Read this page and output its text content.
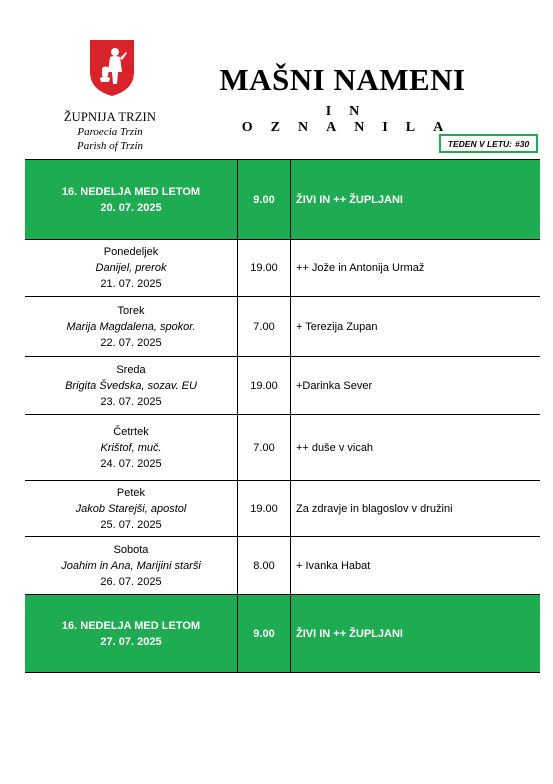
ŽUPNIJA TRZIN
Paroecia Trzin
Parish of Trzin
MAŠNI NAMENI
IN OZNANILA
TEDEN V LETU: #30
16. NEDELJA MED LETOM
20. 07. 2025	9.00	ŽIVI IN ++ ŽUPLJANI

Ponedeljek
Danijel, prerok
21. 07. 2025	19.00	++ Jože in Antonija Urmaž

Torek
Marija Magdalena, spokor.
22. 07. 2025	7.00	+ Terezija Zupan

Sreda
Brigita Švedska, sozav. EU
23. 07. 2025	19.00	+Darinka Sever

Četrtek
Krištof, muč.
24. 07. 2025	7.00	++ duše v vicah

Petek
Jakob Starejši, apostol
25. 07. 2025	19.00	Za zdravje in blagoslov v družini

Sobota
Joahim in Ana, Marijini starši
26. 07. 2025	8.00	+ Ivanka Habat

16. NEDELJA MED LETOM
27. 07. 2025	9.00	ŽIVI IN ++ ŽUPLJANI
